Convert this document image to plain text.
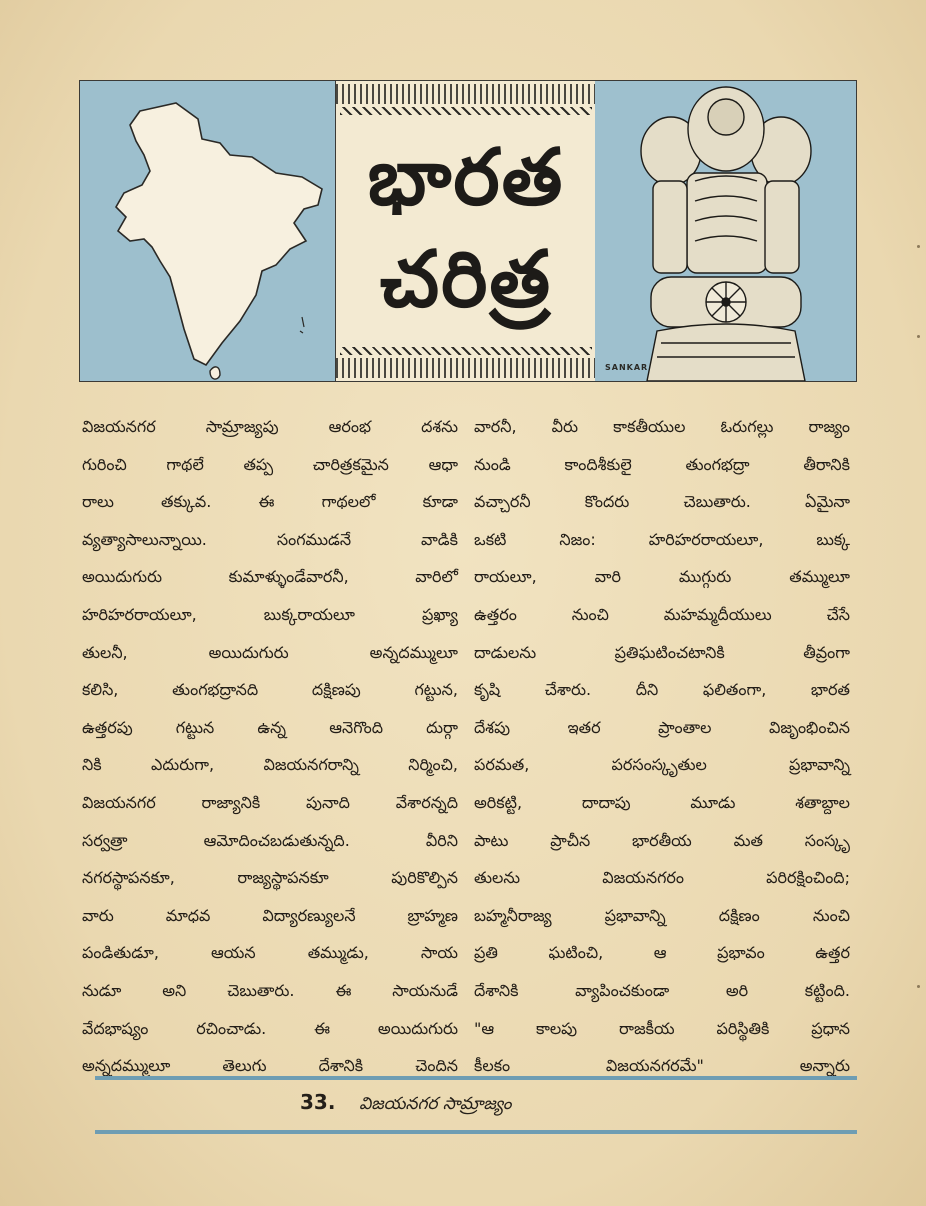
భారత
చరిత్ర
SANKAR
విజయనగర సామ్రాజ్యపు ఆరంభ దశను
గురించి గాథలే తప్ప చారిత్రకమైన ఆధా
రాలు తక్కువ. ఈ గాథలలో కూడా
వ్యత్యాసాలున్నాయి. సంగముడనే వాడికి
అయిదుగురు కుమాళ్ళుండేవారనీ, వారిలో
హరిహరరాయలూ, బుక్కరాయలూ ప్రఖ్యా
తులనీ, అయిదుగురు అన్నదమ్ములూ
కలిసి, తుంగభద్రానది దక్షిణపు గట్టున,
ఉత్తరపు గట్టున ఉన్న ఆనెగొంది దుర్గా
నికి ఎదురుగా, విజయనగరాన్ని నిర్మించి,
విజయనగర రాజ్యానికి పునాది వేశారన్నది
సర్వత్రా ఆమోదించబడుతున్నది. వీరిని
నగరస్థాపనకూ, రాజ్యస్థాపనకూ పురికొల్పిన
వారు మాధవ విద్యారణ్యులనే బ్రాహ్మణ
పండితుడూ, ఆయన తమ్ముడు, సాయ
నుడూ అని చెబుతారు. ఈ సాయనుడే
వేదభాష్యం రచించాడు. ఈ అయిదుగురు
అన్నదమ్ములూ తెలుగు దేశానికి చెందిన
వారనీ, వీరు కాకతీయుల ఓరుగల్లు రాజ్యం
నుండి కాందిశీకులై తుంగభద్రా తీరానికి
వచ్చారనీ కొందరు చెబుతారు. ఏమైనా
ఒకటి నిజం: హరిహరరాయలూ, బుక్క
రాయలూ, వారి ముగ్గురు తమ్ములూ
ఉత్తరం నుంచి మహమ్మదీయులు చేసే
దాడులను ప్రతిఘటించటానికి తీవ్రంగా
కృషి చేశారు. దీని ఫలితంగా, భారత
దేశపు ఇతర ప్రాంతాల విజృంభించిన
పరమత, పరసంస్కృతుల ప్రభావాన్ని
అరికట్టి, దాదాపు మూడు శతాబ్దాల
పాటు ప్రాచీన భారతీయ మత సంస్కృ
తులను విజయనగరం పరిరక్షించింది;
బహ్మనీరాజ్య ప్రభావాన్ని దక్షిణం నుంచి
ప్రతి ఘటించి, ఆ ప్రభావం ఉత్తర
దేశానికి వ్యాపించకుండా అరి కట్టింది.
"ఆ కాలపు రాజకీయ పరిస్థితికి ప్రధాన
కీలకం విజయనగరమే" అన్నారు
33. విజయనగర సామ్రాజ్యం
